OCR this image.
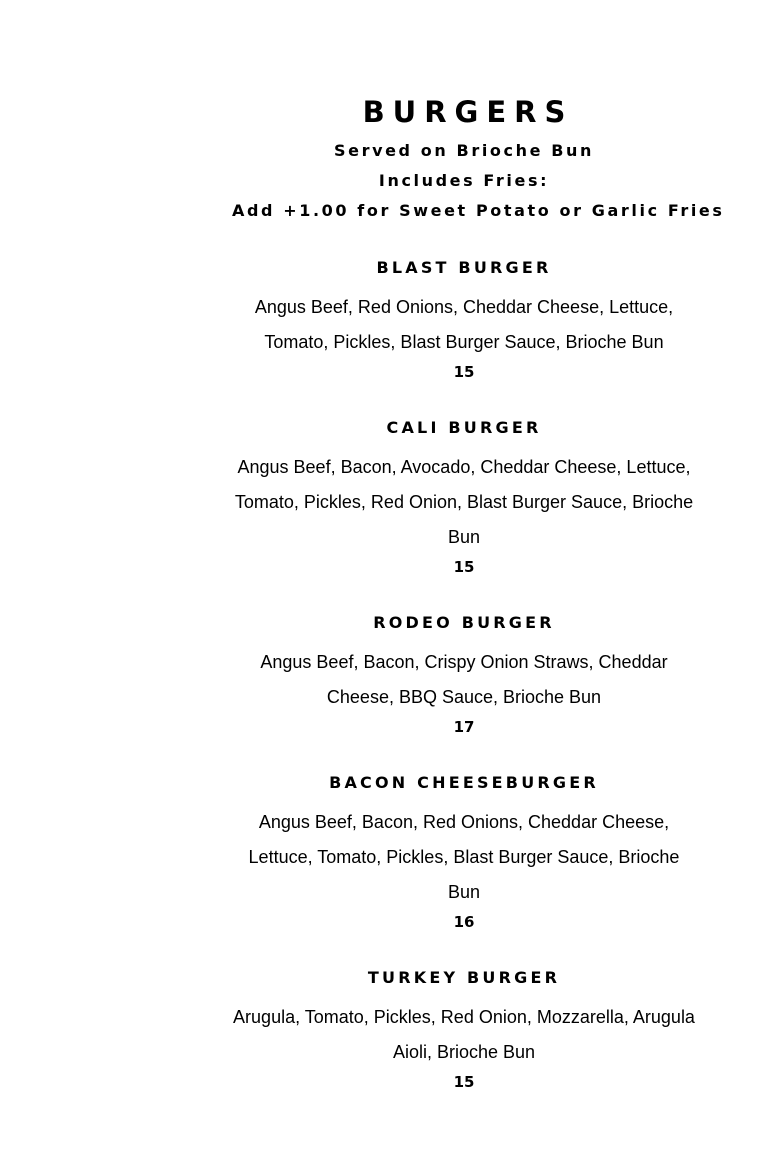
BURGERS
Served on Brioche Bun
Includes Fries:
Add +1.00 for Sweet Potato or Garlic Fries
BLAST BURGER
Angus Beef, Red Onions, Cheddar Cheese, Lettuce, Tomato, Pickles, Blast Burger Sauce, Brioche Bun
15
CALI BURGER
Angus Beef, Bacon, Avocado, Cheddar Cheese, Lettuce, Tomato, Pickles, Red Onion, Blast Burger Sauce, Brioche Bun
15
RODEO BURGER
Angus Beef, Bacon, Crispy Onion Straws, Cheddar Cheese, BBQ Sauce, Brioche Bun
17
BACON CHEESEBURGER
Angus Beef, Bacon, Red Onions, Cheddar Cheese, Lettuce, Tomato, Pickles, Blast Burger Sauce, Brioche Bun
16
TURKEY BURGER
Arugula, Tomato, Pickles, Red Onion, Mozzarella, Arugula Aioli, Brioche Bun
15
